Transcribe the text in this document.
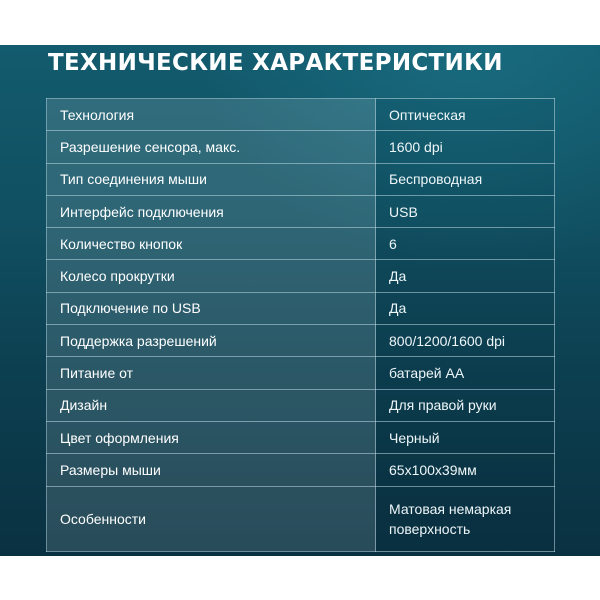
ТЕХНИЧЕСКИЕ ХАРАКТЕРИСТИКИ
Технология	Оптическая
Разрешение сенсора, макс.	1600 dpi
Тип соединения мыши	Беспроводная
Интерфейс подключения	USB
Количество кнопок	6
Колесо прокрутки	Да
Подключение по USB	Да
Поддержка разрешений	800/1200/1600 dpi
Питание от	батарей АА
Дизайн	Для правой руки
Цвет оформления	Черный
Размеры мыши	65х100х39мм
Особенности	Матовая немаркая поверхность
